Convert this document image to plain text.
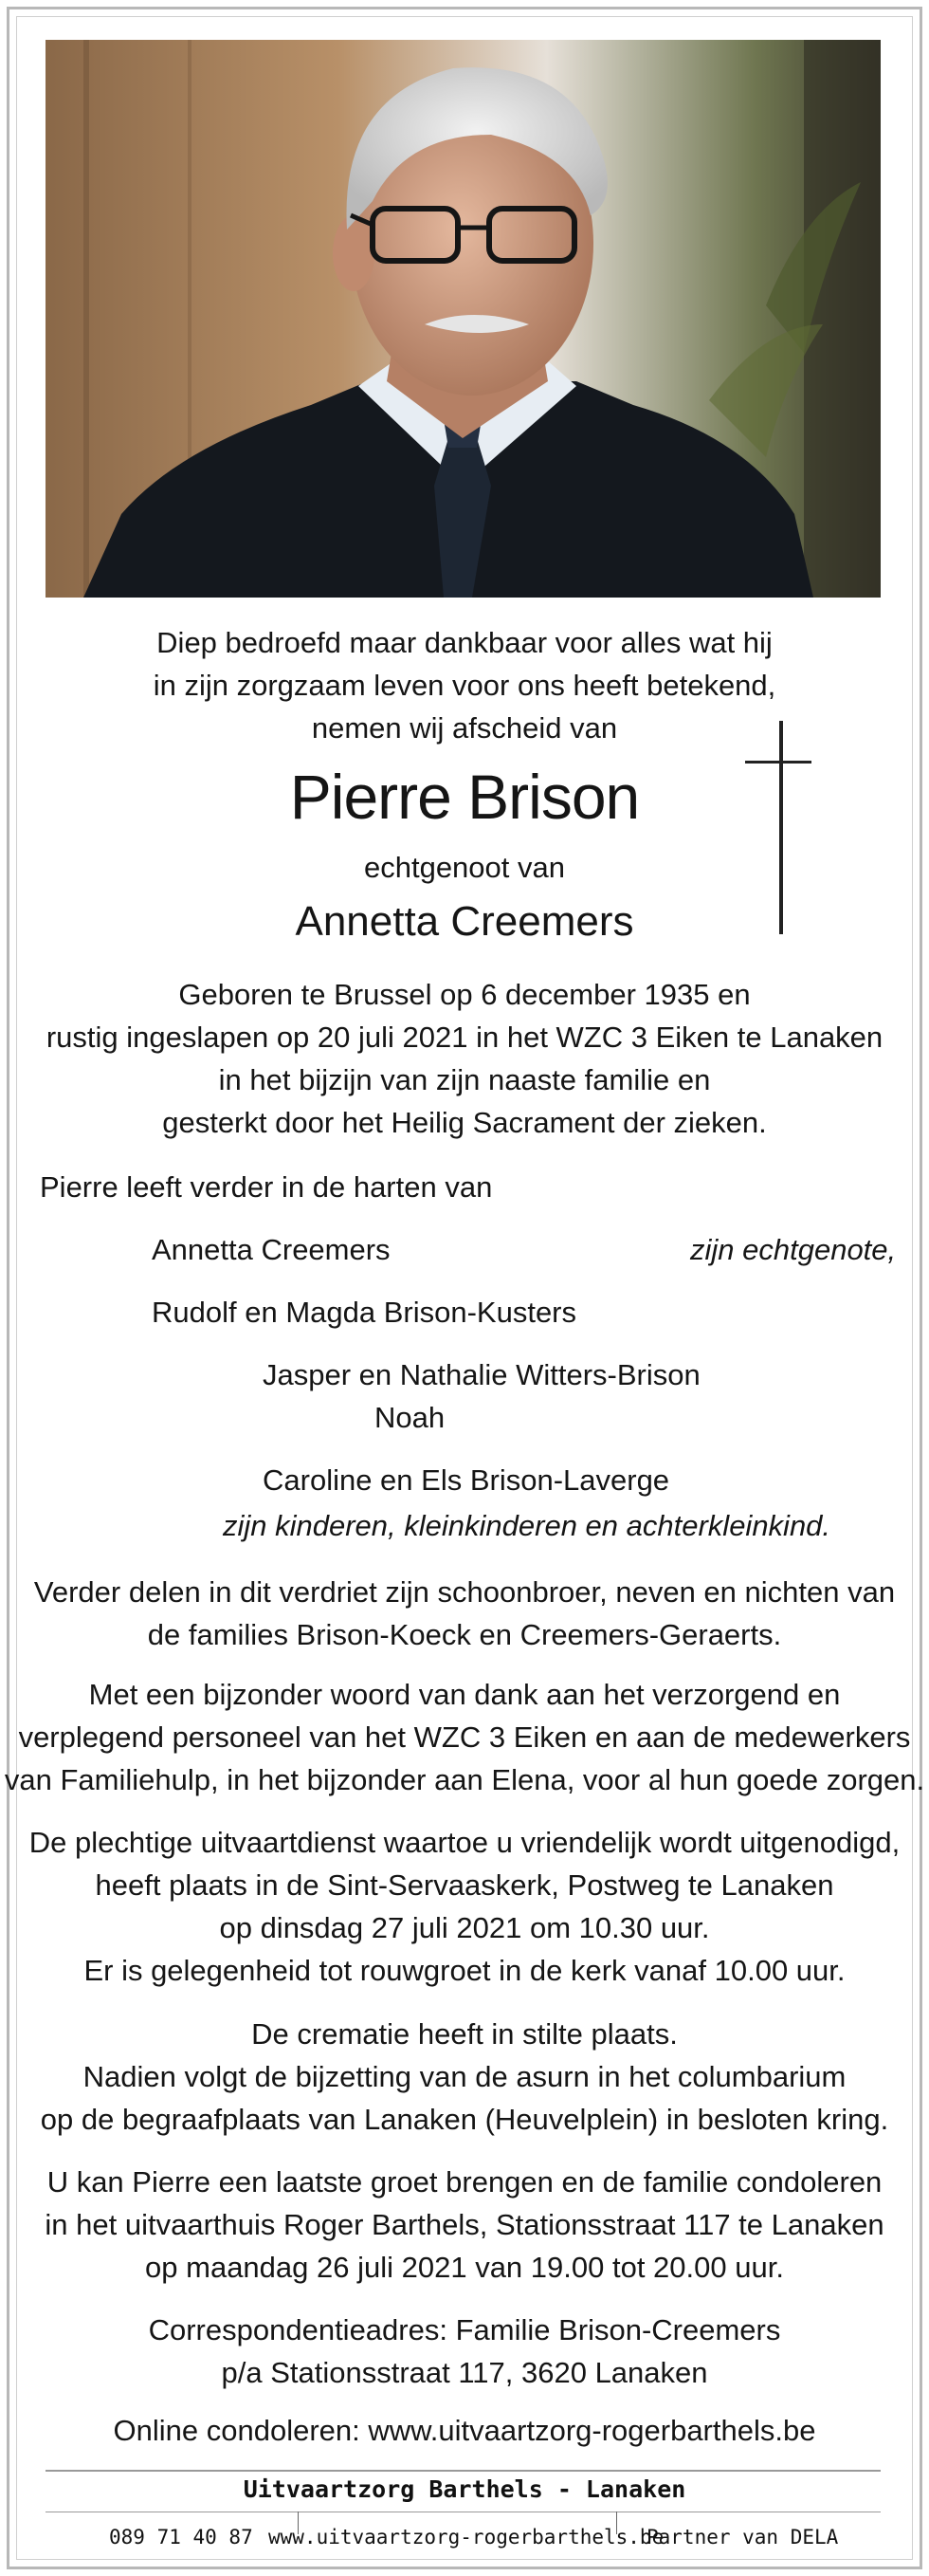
Diep bedroefd maar dankbaar voor alles wat hij
in zijn zorgzaam leven voor ons heeft betekend,
nemen wij afscheid van
Pierre Brison
echtgenoot van
Annetta Creemers
Geboren te Brussel op 6 december 1935 en
rustig ingeslapen op 20 juli 2021 in het WZC 3 Eiken te Lanaken
in het bijzijn van zijn naaste familie en
gesterkt door het Heilig Sacrament der zieken.
Pierre leeft verder in de harten van
Annetta Creemers	zijn echtgenote,
Rudolf en Magda Brison-Kusters
Jasper en Nathalie Witters-Brison
Noah
Caroline en Els Brison-Laverge
zijn kinderen, kleinkinderen en achterkleinkind.
Verder delen in dit verdriet zijn schoonbroer, neven en nichten van
de families Brison-Koeck en Creemers-Geraerts.
Met een bijzonder woord van dank aan het verzorgend en
verplegend personeel van het WZC 3 Eiken en aan de medewerkers
van Familiehulp, in het bijzonder aan Elena, voor al hun goede zorgen.
De plechtige uitvaartdienst waartoe u vriendelijk wordt uitgenodigd,
heeft plaats in de Sint-Servaaskerk, Postweg te Lanaken
op dinsdag 27 juli 2021 om 10.30 uur.
Er is gelegenheid tot rouwgroet in de kerk vanaf 10.00 uur.
De crematie heeft in stilte plaats.
Nadien volgt de bijzetting van de asurn in het columbarium
op de begraafplaats van Lanaken (Heuvelplein) in besloten kring.
U kan Pierre een laatste groet brengen en de familie condoleren
in het uitvaarthuis Roger Barthels, Stationsstraat 117 te Lanaken
op maandag 26 juli 2021 van 19.00 tot 20.00 uur.
Correspondentieadres: Familie Brison-Creemers
p/a Stationsstraat 117, 3620 Lanaken
Online condoleren: www.uitvaartzorg-rogerbarthels.be
Uitvaartzorg Barthels - Lanaken
089 71 40 87 www.uitvaartzorg-rogerbarthels.be
Partner van DELA
